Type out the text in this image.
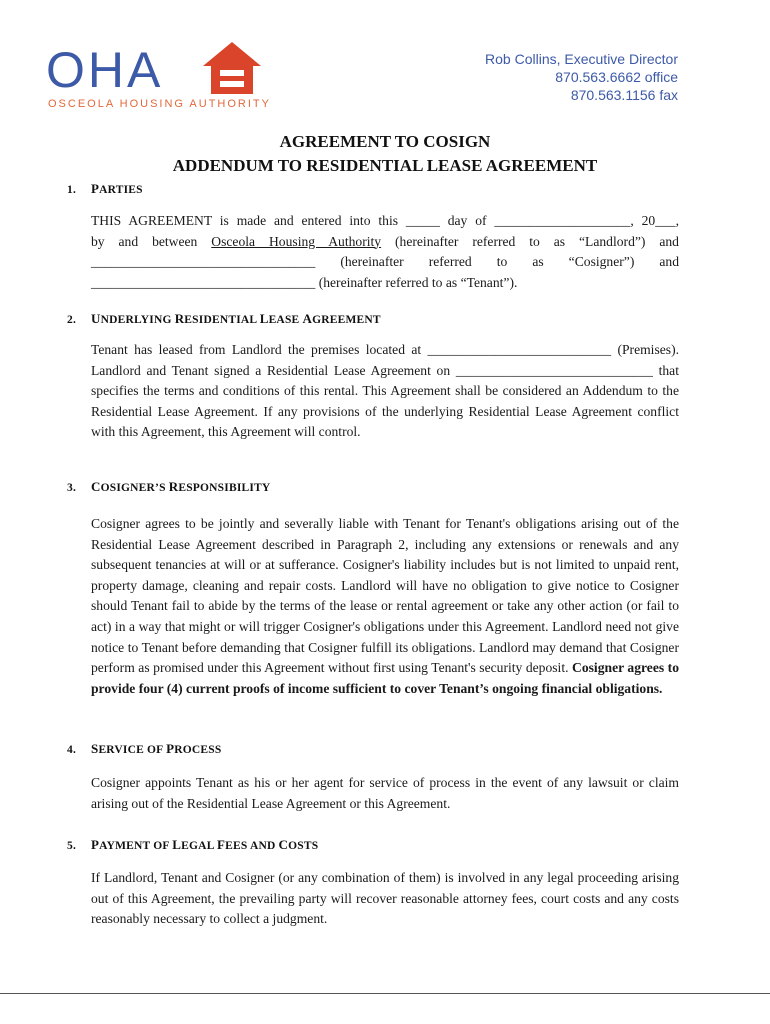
OHA
OSCEOLA HOUSING AUTHORITY
Rob Collins, Executive Director
870.563.6662 office
870.563.1156 fax
AGREEMENT TO COSIGN
ADDENDUM TO RESIDENTIAL LEASE AGREEMENT
1. PARTIES
THIS AGREEMENT is made and entered into this _____ day of ____________________, 20___,
by and between Osceola Housing Authority (hereinafter referred to as “Landlord”) and
_________________________________ (hereinafter referred to as “Cosigner”) and
_________________________________ (hereinafter referred to as “Tenant”).
2. UNDERLYING RESIDENTIAL LEASE AGREEMENT
Tenant has leased from Landlord the premises located at ___________________________ (Premises). Landlord and Tenant signed a Residential Lease Agreement on _____________________________ that specifies the terms and conditions of this rental. This Agreement shall be considered an Addendum to the Residential Lease Agreement. If any provisions of the underlying Residential Lease Agreement conflict with this Agreement, this Agreement will control.
3. COSIGNER’S RESPONSIBILITY
Cosigner agrees to be jointly and severally liable with Tenant for Tenant's obligations arising out of the Residential Lease Agreement described in Paragraph 2, including any extensions or renewals and any subsequent tenancies at will or at sufferance. Cosigner's liability includes but is not limited to unpaid rent, property damage, cleaning and repair costs. Landlord will have no obligation to give notice to Cosigner should Tenant fail to abide by the terms of the lease or rental agreement or take any other action (or fail to act) in a way that might or will trigger Cosigner's obligations under this Agreement. Landlord need not give notice to Tenant before demanding that Cosigner fulfill its obligations. Landlord may demand that Cosigner perform as promised under this Agreement without first using Tenant's security deposit. Cosigner agrees to provide four (4) current proofs of income sufficient to cover Tenant’s ongoing financial obligations.
4. SERVICE OF PROCESS
Cosigner appoints Tenant as his or her agent for service of process in the event of any lawsuit or claim arising out of the Residential Lease Agreement or this Agreement.
5. PAYMENT OF LEGAL FEES AND COSTS
If Landlord, Tenant and Cosigner (or any combination of them) is involved in any legal proceeding arising out of this Agreement, the prevailing party will recover reasonable attorney fees, court costs and any costs reasonably necessary to collect a judgment.
